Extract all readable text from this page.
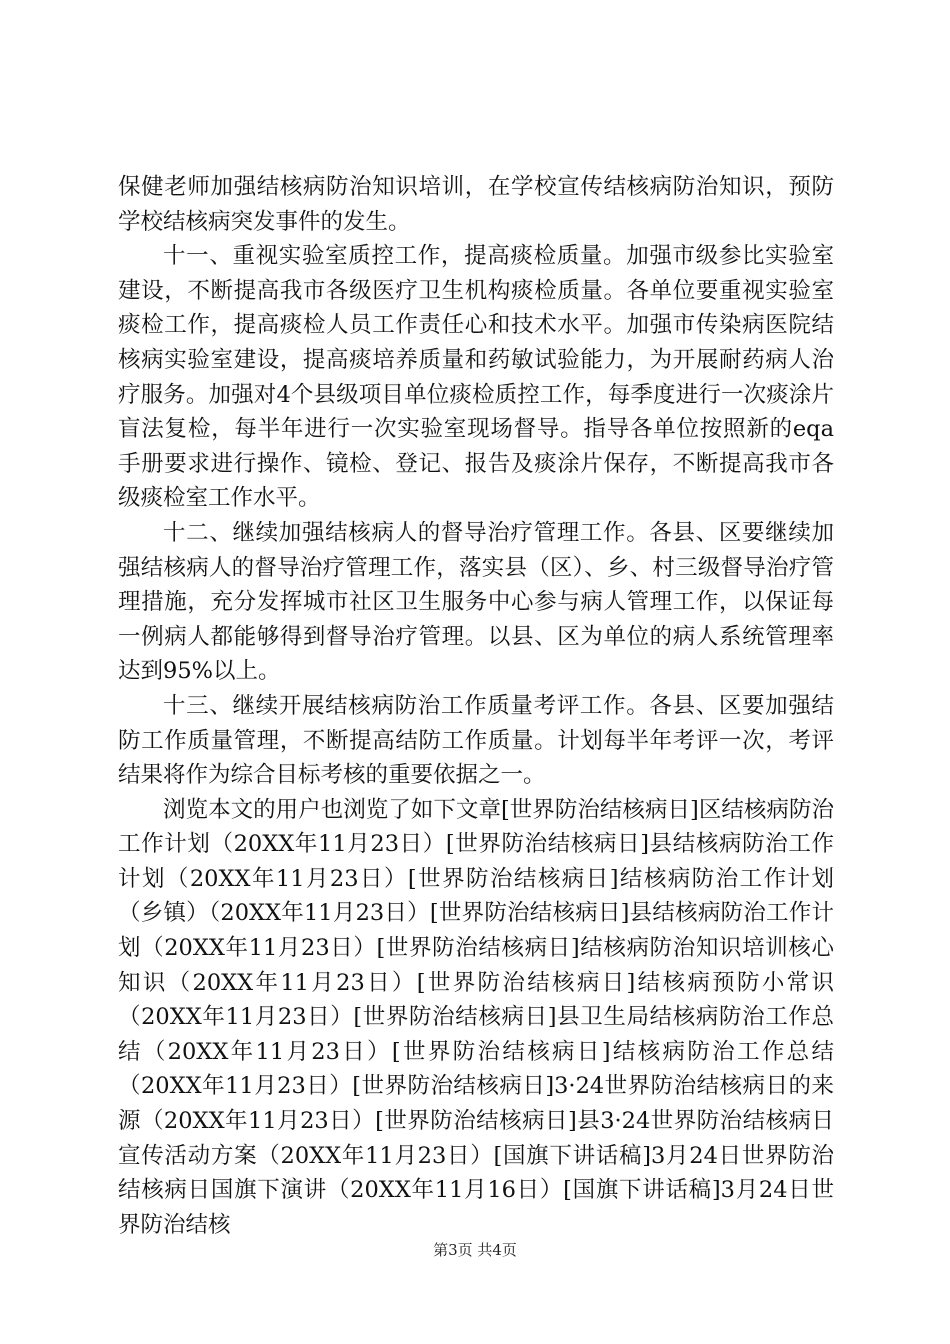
保健老师加强结核病防治知识培训，在学校宣传结核病防治知识，预防学校结核病突发事件的发生。

十一、重视实验室质控工作，提高痰检质量。加强市级参比实验室建设，不断提高我市各级医疗卫生机构痰检质量。各单位要重视实验室痰检工作，提高痰检人员工作责任心和技术水平。加强市传染病医院结核病实验室建设，提高痰培养质量和药敏试验能力，为开展耐药病人治疗服务。加强对4个县级项目单位痰检质控工作，每季度进行一次痰涂片盲法复检，每半年进行一次实验室现场督导。指导各单位按照新的eqa手册要求进行操作、镜检、登记、报告及痰涂片保存，不断提高我市各级痰检室工作水平。

十二、继续加强结核病人的督导治疗管理工作。各县、区要继续加强结核病人的督导治疗管理工作，落实县（区）、乡、村三级督导治疗管理措施，充分发挥城市社区卫生服务中心参与病人管理工作，以保证每一例病人都能够得到督导治疗管理。以县、区为单位的病人系统管理率达到95%以上。

十三、继续开展结核病防治工作质量考评工作。各县、区要加强结防工作质量管理，不断提高结防工作质量。计划每半年考评一次，考评结果将作为综合目标考核的重要依据之一。

浏览本文的用户也浏览了如下文章[世界防治结核病日]区结核病防治工作计划（20XX年11月23日）[世界防治结核病日]县结核病防治工作计划（20XX年11月23日）[世界防治结核病日]结核病防治工作计划（乡镇）（20XX年11月23日）[世界防治结核病日]县结核病防治工作计划（20XX年11月23日）[世界防治结核病日]结核病防治知识培训核心知识（20XX年11月23日）[世界防治结核病日]结核病预防小常识（20XX年11月23日）[世界防治结核病日]县卫生局结核病防治工作总结（20XX年11月23日）[世界防治结核病日]结核病防治工作总结（20XX年11月23日）[世界防治结核病日]3·24世界防治结核病日的来源（20XX年11月23日）[世界防治结核病日]县3·24世界防治结核病日宣传活动方案（20XX年11月23日）[国旗下讲话稿]3月24日世界防治结核病日国旗下演讲（20XX年11月16日）[国旗下讲话稿]3月24日世界防治结核

第3页 共4页
